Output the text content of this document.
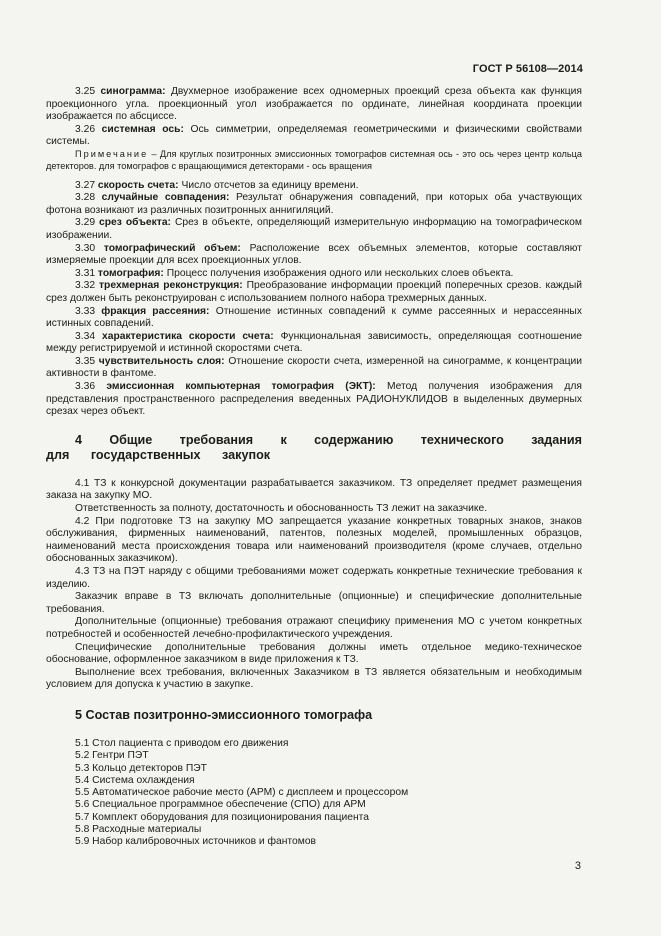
ГОСТ Р 56108—2014

3.25 синограмма: Двухмерное изображение всех одномерных проекций среза объекта как функция проекционного угла. проекционный угол изображается по ординате, линейная координата проекции изображается по абсциссе.

3.26 системная ось: Ось симметрии, определяемая геометрическими и физическими свойствами системы.

Примечание – Для круглых позитронных эмиссионных томографов системная ось - это ось через центр кольца детекторов. для томографов с вращающимися детекторами - ось вращения

3.27 скорость счета: Число отсчетов за единицу времени.

3.28 случайные совпадения: Результат обнаружения совпадений, при которых оба участвующих фотона возникают из различных позитронных аннигиляций.

3.29 срез объекта: Срез в объекте, определяющий измерительную информацию на томографическом изображении.

3.30 томографический объем: Расположение всех объемных элементов, которые составляют измеряемые проекции для всех проекционных углов.

3.31 томография: Процесс получения изображения одного или нескольких слоев объекта.

3.32 трехмерная реконструкция: Преобразование информации проекций поперечных срезов. каждый срез должен быть реконструирован с использованием полного набора трехмерных данных.

3.33 фракция рассеяния: Отношение истинных совпадений к сумме рассеянных и нерассеянных истинных совпадений.

3.34 характеристика скорости счета: Функциональная зависимость, определяющая соотношение между регистрируемой и истинной скоростями счета.

3.35 чувствительность слоя: Отношение скорости счета, измеренной на синограмме, к концентрации активности в фантоме.

3.36 эмиссионная компьютерная томография (ЭКТ): Метод получения изображения для представления пространственного распределения введенных РАДИОНУКЛИДОВ в выделенных двумерных срезах через объект.

4 Общие требования к содержанию технического задания для государственных закупок

4.1 ТЗ к конкурсной документации разрабатывается заказчиком. ТЗ определяет предмет размещения заказа на закупку МО.

Ответственность за полноту, достаточность и обоснованность ТЗ лежит на заказчике.

4.2 При подготовке ТЗ на закупку МО запрещается указание конкретных товарных знаков, знаков обслуживания, фирменных наименований, патентов, полезных моделей, промышленных образцов, наименований места происхождения товара или наименований производителя (кроме случаев, отдельно обоснованных заказчиком).

4.3 ТЗ на ПЭТ наряду с общими требованиями может содержать конкретные технические требования к изделию.

Заказчик вправе в ТЗ включать дополнительные (опционные) и специфические дополнительные требования.

Дополнительные (опционные) требования отражают специфику применения МО с учетом конкретных потребностей и особенностей лечебно-профилактического учреждения.

Специфические дополнительные требования должны иметь отдельное медико-техническое обоснование, оформленное заказчиком в виде приложения к ТЗ.

Выполнение всех требования, включенных Заказчиком в ТЗ является обязательным и необходимым условием для допуска к участию в закупке.

5 Состав позитронно-эмиссионного томографа
5.1 Стол пациента с приводом его движения
5.2 Гентри ПЭТ
5.3 Кольцо детекторов ПЭТ
5.4 Система охлаждения
5.5 Автоматическое рабочие место (АРМ) с дисплеем и процессором
5.6 Специальное программное обеспечение (СПО) для АРМ
5.7 Комплект оборудования для позиционирования пациента
5.8 Расходные материалы
5.9 Набор калибровочных источников и фантомов
3
